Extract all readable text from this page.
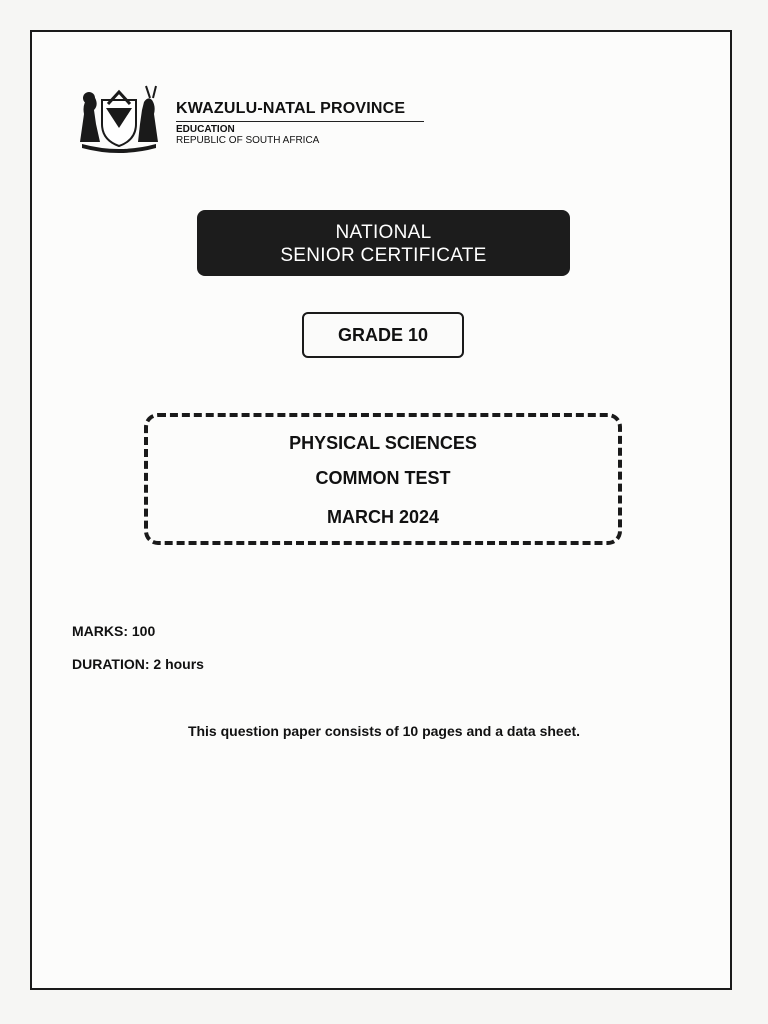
KWAZULU-NATAL PROVINCE
EDUCATION
REPUBLIC OF SOUTH AFRICA
NATIONAL
SENIOR CERTIFICATE
GRADE 10
PHYSICAL SCIENCES
COMMON TEST
MARCH 2024
MARKS: 100
DURATION: 2 hours
This question paper consists of 10 pages and a data sheet.
